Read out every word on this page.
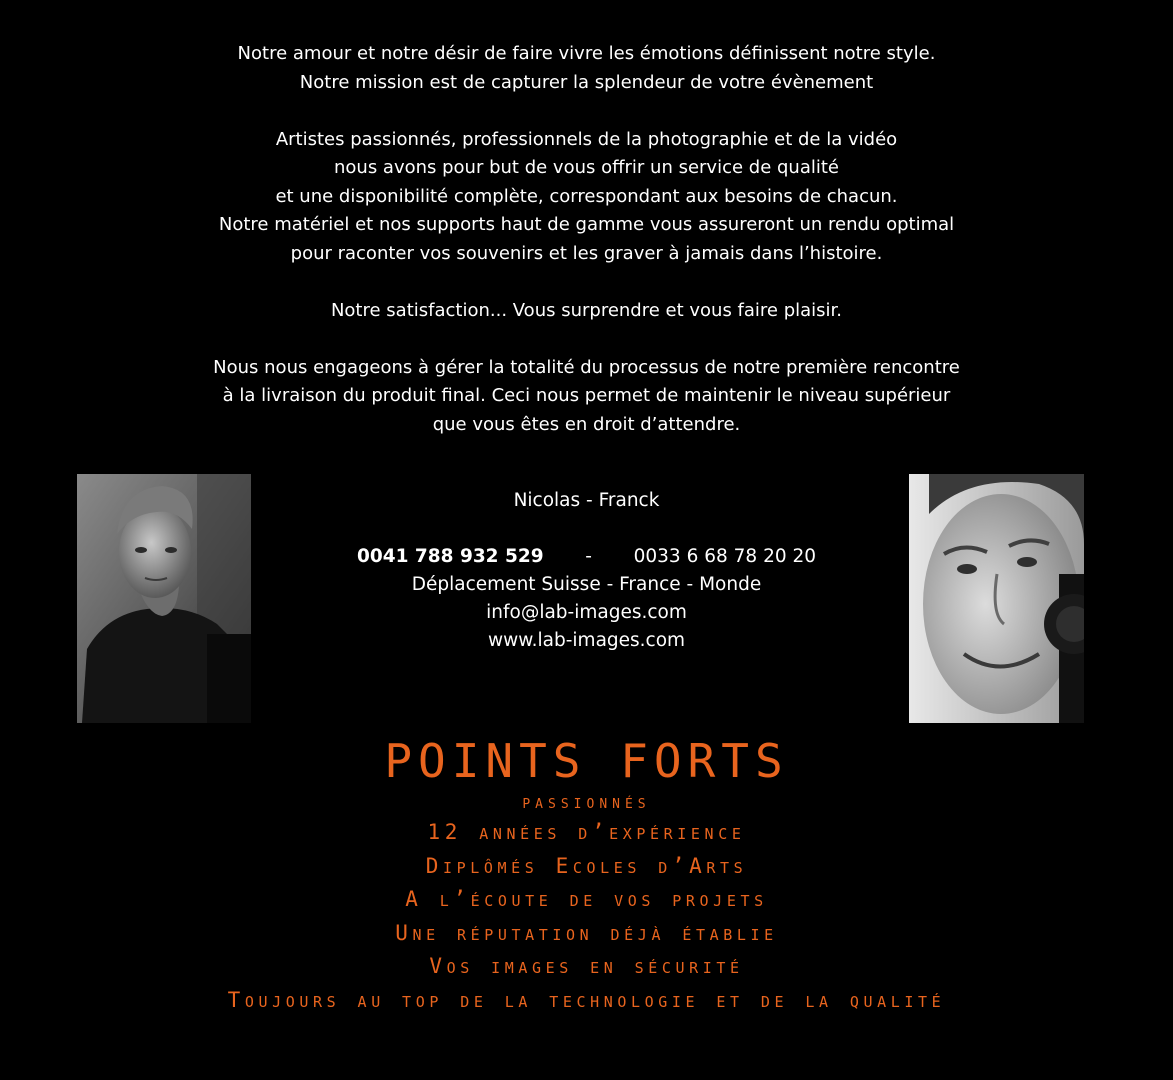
Notre amour et notre désir de faire vivre les émotions définissent notre style.
Notre mission est de capturer la splendeur de votre évènement

Artistes passionnés, professionnels de la photographie et de la vidéo
nous avons pour but de vous offrir un service de qualité
et une disponibilité complète, correspondant aux besoins de chacun.
Notre matériel et nos supports haut de gamme vous assureront un rendu optimal
pour raconter vos souvenirs et les graver à jamais dans l’histoire.

Notre satisfaction... Vous surprendre et vous faire plaisir.

Nous nous engageons à gérer la totalité du processus de notre première rencontre
à la livraison du produit final. Ceci nous permet de maintenir le niveau supérieur
que vous êtes en droit d’attendre.

Nicolas - Franck

0041 788 932 529	-	0033 6 68 78 20 20

Déplacement Suisse - France - Monde

info@lab-images.com

www.lab-images.com

POINTS FORTS

passionnés
12 années d’expérience
Diplômés Ecoles d’Arts
A l’écoute de vos projets
Une réputation déjà établie
Vos images en sécurité
Toujours au top de la technologie et de la qualité
